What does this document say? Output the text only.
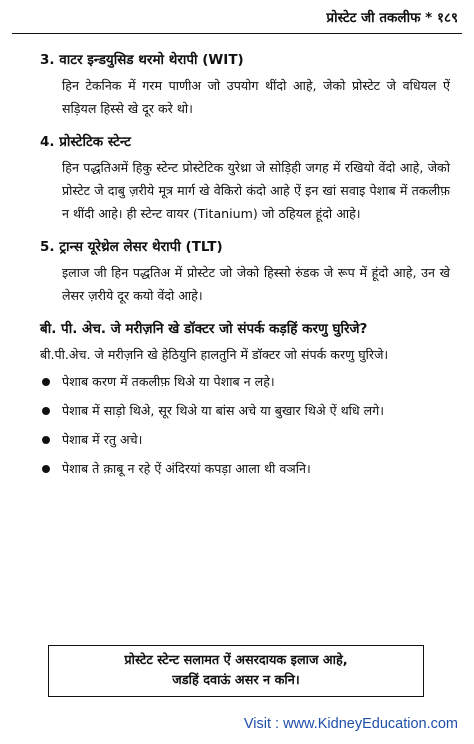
प्रोस्टेट जी तकलीफ * १८९
3. वाटर इन्डयुसिड थरमो थेरापी (WIT)
हिन टेकनिक में गरम पाणीअ जो उपयोग थींदो आहे, जेको प्रोस्टेट जे वधियल ऐं सड़ियल हिस्से खे दूर करे थो।
4. प्रोस्टेटिक स्टेन्ट
हिन पद्धतिअमें हिकु स्टेन्ट प्रोस्टेटिक युरेथ्रा जे सोड़िही जगह में रखियो वेंदो आहे, जेको प्रोस्टेट जे दाबु ज़रीये मूत्र मार्ग खे वेकिरो कंदो आहे ऐं इन खां सवाइ पेशाब में तकलीफ़ न थींदी आहे। ही स्टेन्ट वायर (Titanium) जो ठहियल हूंदो आहे।
5. ट्रान्स यूरेथ्रेल लेसर थेरापी (TLT)
इलाज जी हिन पद्धतिअ में प्रोस्टेट जो जेको हिस्सो रुंडक जे रूप में हूंदो आहे, उन खे लेसर ज़रीये दूर कयो वेंदो आहे।
बी. पी. अेच. जे मरीज़नि खे डॉक्टर जो संपर्क कड़हिं करणु घुरिजे?
बी.पी.अेच. जे मरीज़नि खे हेठियुनि हालतुनि में डॉक्टर जो संपर्क करणु घुरिजे।
पेशाब करण में तकलीफ़ थिअे या पेशाब न लहे।
पेशाब में साड़ो थिअे, सूर थिअे या बांस अचे या बुखार थिअे ऐं थधि लगे।
पेशाब में रतु अचे।
पेशाब ते क़ाबू न रहे ऐं अंदिरयां कपड़ा आला थी वञनि।
प्रोस्टेट स्टेन्ट सलामत ऐं असरदायक इलाज आहे,
जडहिं दवाऊं असर न कनि।
Visit : www.KidneyEducation.com
